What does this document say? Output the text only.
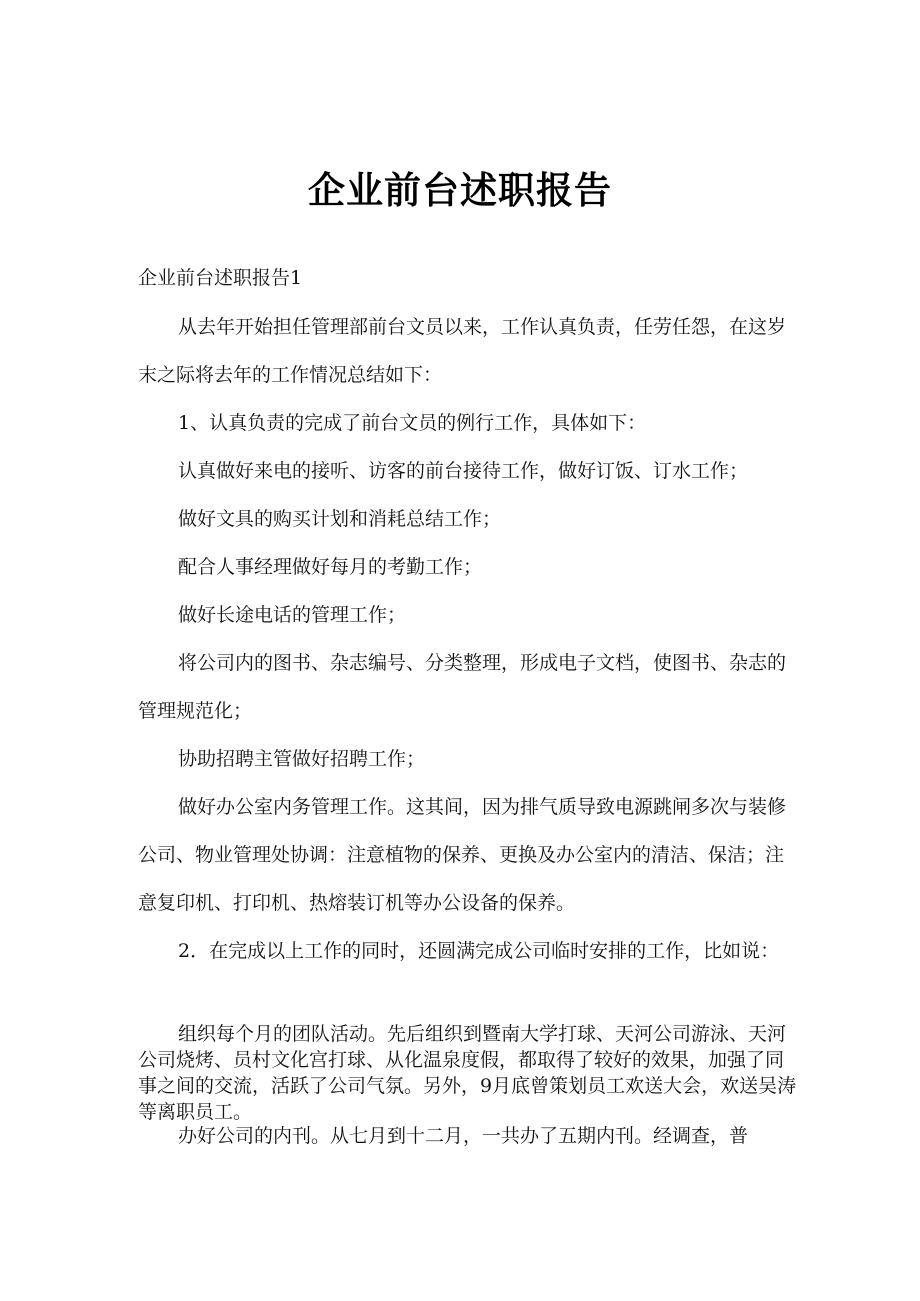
企业前台述职报告

企业前台述职报告1

从去年开始担任管理部前台文员以来，工作认真负责，任劳任怨，在这岁末之际将去年的工作情况总结如下：

1、认真负责的完成了前台文员的例行工作，具体如下：

认真做好来电的接听、访客的前台接待工作，做好订饭、订水工作；

做好文具的购买计划和消耗总结工作；

配合人事经理做好每月的考勤工作；

做好长途电话的管理工作；

将公司内的图书、杂志编号、分类整理，形成电子文档，使图书、杂志的管理规范化；

协助招聘主管做好招聘工作；

做好办公室内务管理工作。这其间，因为排气质导致电源跳闸多次与装修公司、物业管理处协调：注意植物的保养、更换及办公室内的清洁、保洁；注意复印机、打印机、热熔装订机等办公设备的保养。

2．在完成以上工作的同时，还圆满完成公司临时安排的工作，比如说：

组织每个月的团队活动。先后组织到暨南大学打球、天河公司游泳、天河公司烧烤、员村文化宫打球、从化温泉度假，都取得了较好的效果，加强了同事之间的交流，活跃了公司气氛。另外，9月底曾策划员工欢送大会，欢送吴涛等离职员工。

办好公司的内刊。从七月到十二月，一共办了五期内刊。经调查，普
